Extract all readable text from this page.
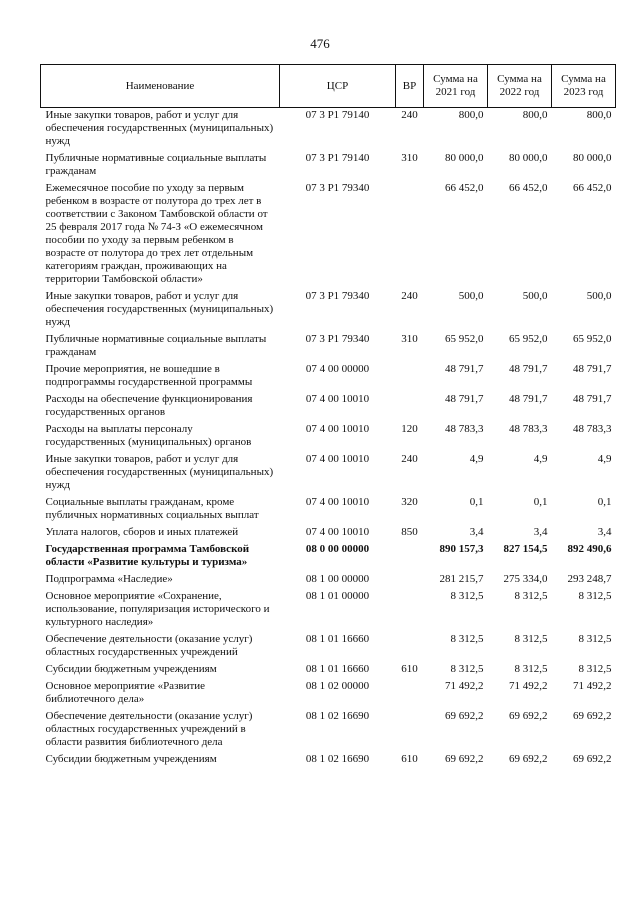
476
Наименование	ЦСР	ВР	Сумма на 2021 год	Сумма на 2022 год	Сумма на 2023 год
Иные закупки товаров, работ и услуг для обеспечения государственных (муниципальных) нужд	07 3 P1 79140	240	800,0	800,0	800,0
Публичные нормативные социальные выплаты гражданам	07 3 P1 79140	310	80 000,0	80 000,0	80 000,0
Ежемесячное пособие по уходу за первым ребенком в возрасте от полутора до трех лет в соответствии с Законом Тамбовской области от 25 февраля 2017 года № 74-З «О ежемесячном пособии по уходу за первым ребенком в возрасте от полутора до трех лет отдельным категориям граждан, проживающих на территории Тамбовской области»	07 3 P1 79340		66 452,0	66 452,0	66 452,0
Иные закупки товаров, работ и услуг для обеспечения государственных (муниципальных) нужд	07 3 P1 79340	240	500,0	500,0	500,0
Публичные нормативные социальные выплаты гражданам	07 3 P1 79340	310	65 952,0	65 952,0	65 952,0
Прочие мероприятия, не вошедшие в подпрограммы государственной программы	07 4 00 00000		48 791,7	48 791,7	48 791,7
Расходы на обеспечение функционирования государственных органов	07 4 00 10010		48 791,7	48 791,7	48 791,7
Расходы на выплаты персоналу государственных (муниципальных) органов	07 4 00 10010	120	48 783,3	48 783,3	48 783,3
Иные закупки товаров, работ и услуг для обеспечения государственных (муниципальных) нужд	07 4 00 10010	240	4,9	4,9	4,9
Социальные выплаты гражданам, кроме публичных нормативных социальных выплат	07 4 00 10010	320	0,1	0,1	0,1
Уплата налогов, сборов и иных платежей	07 4 00 10010	850	3,4	3,4	3,4
Государственная программа Тамбовской области «Развитие культуры и туризма»	08 0 00 00000		890 157,3	827 154,5	892 490,6
Подпрограмма «Наследие»	08 1 00 00000		281 215,7	275 334,0	293 248,7
Основное мероприятие «Сохранение, использование, популяризация исторического и культурного наследия»	08 1 01 00000		8 312,5	8 312,5	8 312,5
Обеспечение деятельности (оказание услуг) областных государственных учреждений	08 1 01 16660		8 312,5	8 312,5	8 312,5
Субсидии бюджетным учреждениям	08 1 01 16660	610	8 312,5	8 312,5	8 312,5
Основное мероприятие «Развитие библиотечного дела»	08 1 02 00000		71 492,2	71 492,2	71 492,2
Обеспечение деятельности (оказание услуг) областных государственных учреждений в области развития библиотечного дела	08 1 02 16690		69 692,2	69 692,2	69 692,2
Субсидии бюджетным учреждениям	08 1 02 16690	610	69 692,2	69 692,2	69 692,2
